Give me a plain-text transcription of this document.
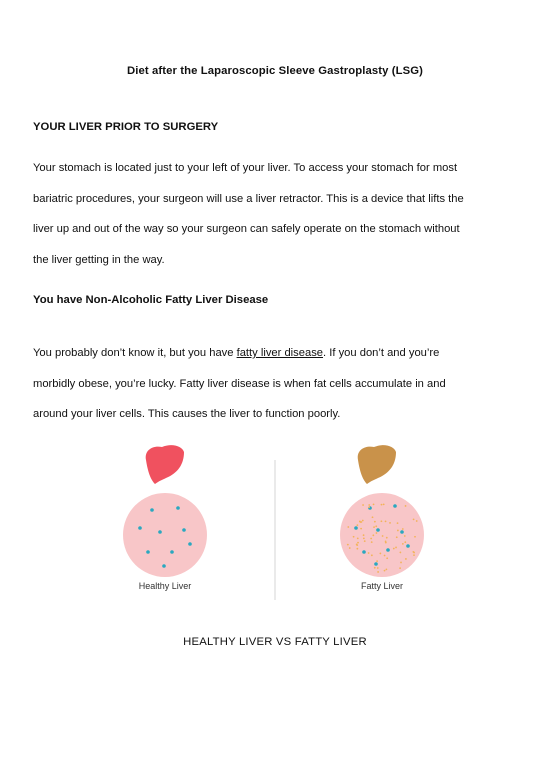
Diet after the Laparoscopic Sleeve Gastroplasty (LSG)
YOUR LIVER PRIOR TO SURGERY
Your stomach is located just to your left of your liver. To access your stomach for most
bariatric procedures, your surgeon will use a liver retractor. This is a device that lifts the
liver up and out of the way so your surgeon can safely operate on the stomach without
the liver getting in the way.
You have Non-Alcoholic Fatty Liver Disease
You probably don’t know it, but you have fatty liver disease. If you don’t and you’re
morbidly obese, you’re lucky. Fatty liver disease is when fat cells accumulate in and
around your liver cells. This causes the liver to function poorly.
Healthy Liver	Fatty Liver
HEALTHY LIVER VS FATTY LIVER
